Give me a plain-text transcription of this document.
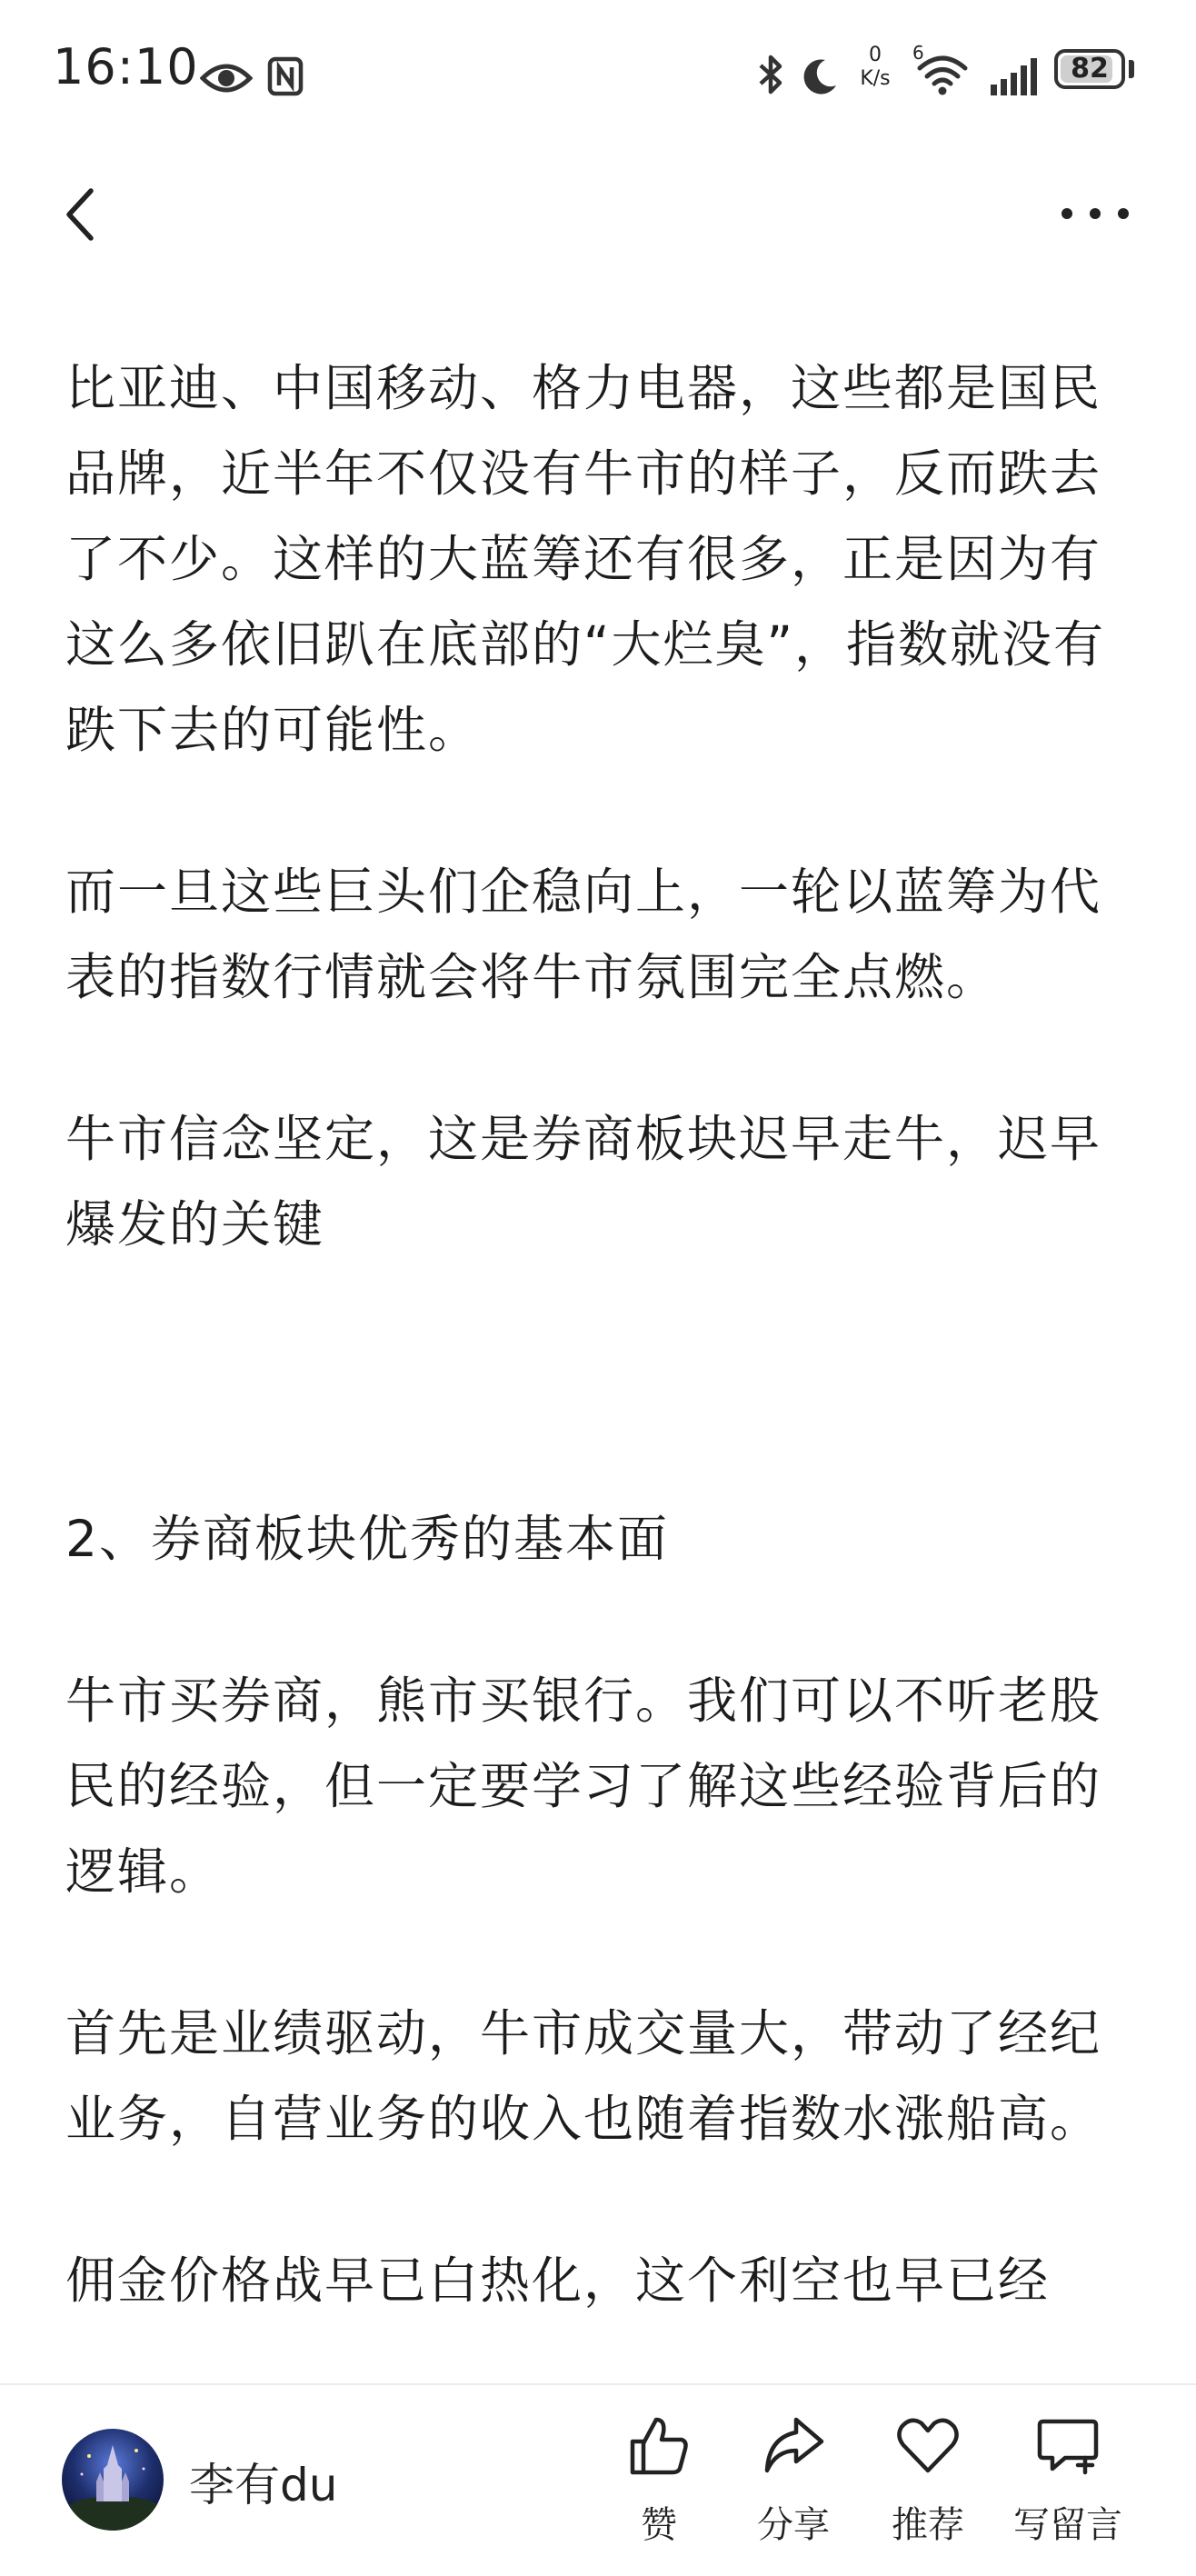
16:10	0
K/s
6	82

比亚迪、中国移动、格力电器，这些都是国民品牌，近半年不仅没有牛市的样子，反而跌去了不少。这样的大蓝筹还有很多，正是因为有这么多依旧趴在底部的“大烂臭”，指数就没有跌下去的可能性。

而一旦这些巨头们企稳向上，一轮以蓝筹为代表的指数行情就会将牛市氛围完全点燃。

牛市信念坚定，这是券商板块迟早走牛，迟早爆发的关键

2、券商板块优秀的基本面

牛市买券商，熊市买银行。我们可以不听老股民的经验，但一定要学习了解这些经验背后的逻辑。

首先是业绩驱动，牛市成交量大，带动了经纪业务，自营业务的收入也随着指数水涨船高。

佣金价格战早已白热化，这个利空也早已经

李有du
赞	分享	推荐	写留言
